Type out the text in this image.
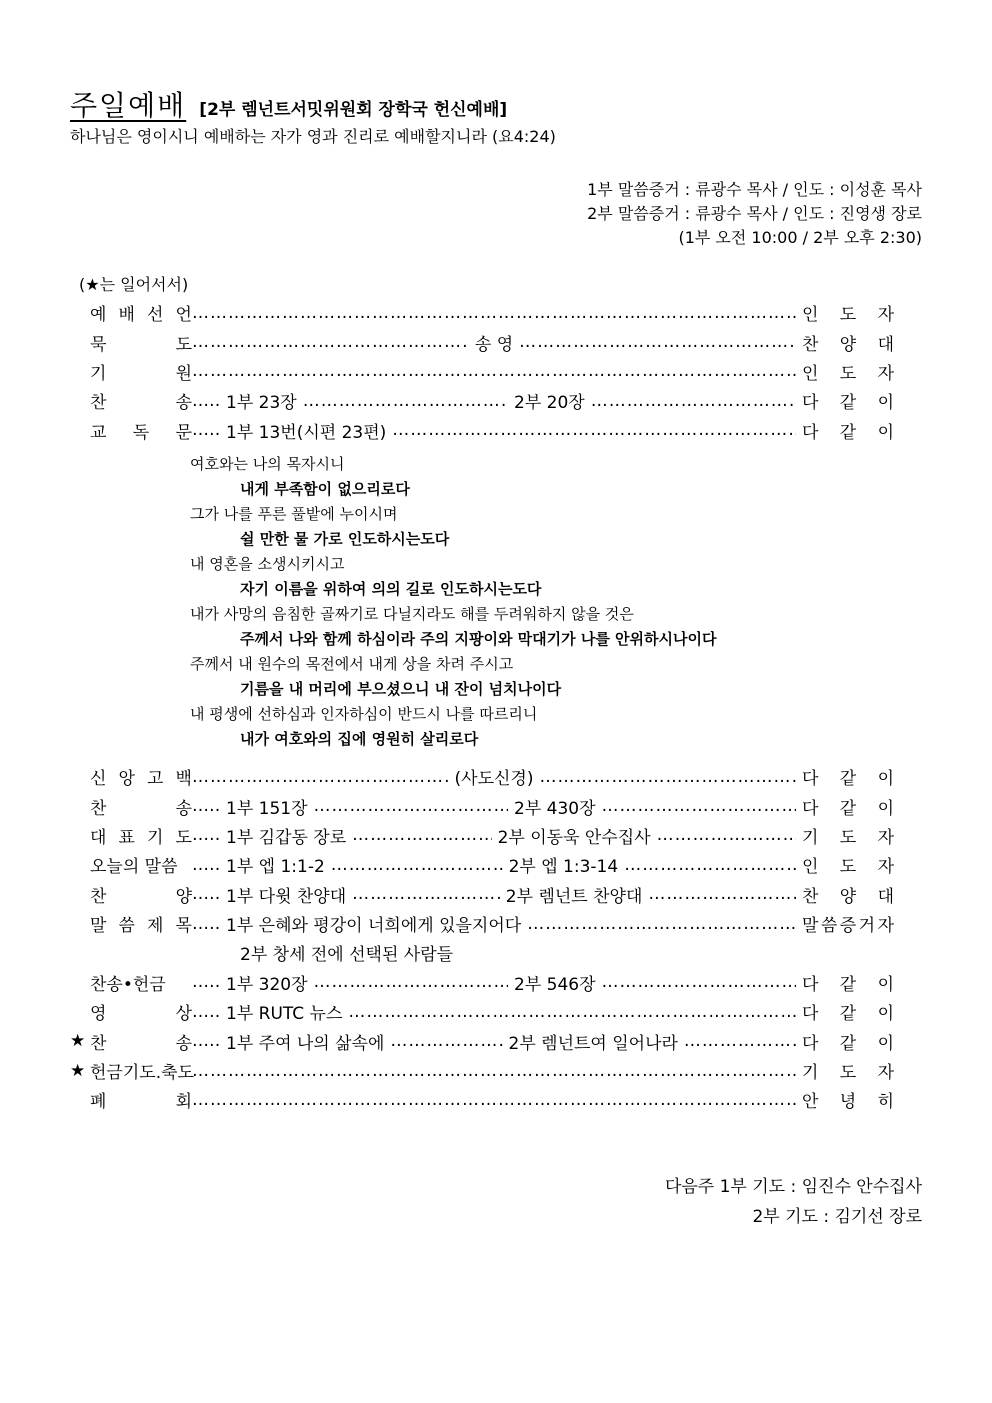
주일예배 [2부 렘넌트서밋위원회 장학국 헌신예배]
하나님은 영이시니 예배하는 자가 영과 진리로 예배할지니라 (요4:24)
1부 말씀증거 : 류광수 목사 / 인도 : 이성훈 목사
2부 말씀증거 : 류광수 목사 / 인도 : 진영생 장로
(1부 오전 10:00 / 2부 오후 2:30)
(★는 일어서서)
예 배 선 언 ……………………………………………………………………………………………………………………………………………………………………………………………………………	인 도 자
묵	도 ……………………………………………………………………………………………………………………………………………………………………………………………………………	송 영 ……………………………………………………………………………………………………………………………………………………………………………………………………………	찬 양 대
기	원 ……………………………………………………………………………………………………………………………………………………………………………………………………………	인 도 자
찬	송 …………	1부 23장 ……………………………………………………………………………………………………………………………………………………………………………………………………………	2부 20장 ……………………………………………………………………………………………………………………………………………………………………………………………………………	다 같 이
교 독 문 …………	1부 13번(시편 23편) ……………………………………………………………………………………………………………………………………………………………………………………………………………	다 같 이
신 앙 고 백 ……………………………………………………………………………………………………………………………………………………………………………………………………………	(사도신경) ……………………………………………………………………………………………………………………………………………………………………………………………………………	다 같 이
찬	송 …………	1부 151장 ……………………………………………………………………………………………………………………………………………………………………………………………………………	2부 430장 ……………………………………………………………………………………………………………………………………………………………………………………………………………	다 같 이
대 표 기 도 …………	1부 김갑동 장로 ……………………………………………………………………………………………………………………………………………………………………………………………………………	2부 이동욱 안수집사 ……………………………………………………………………………………………………………………………………………………………………………………………………………	기 도 자
오늘의 말씀 …………	1부 엡 1:1-2 ……………………………………………………………………………………………………………………………………………………………………………………………………………	2부 엡 1:3-14 ……………………………………………………………………………………………………………………………………………………………………………………………………………	인 도 자
찬	양 …………	1부 다윗 찬양대 ……………………………………………………………………………………………………………………………………………………………………………………………………………	2부 렘넌트 찬양대 ……………………………………………………………………………………………………………………………………………………………………………………………………………	찬 양 대
말 씀 제 목 …………	1부 은혜와 평강이 너희에게 있을지어다 ……………………………………………………………………………………………………………………………………………………………………………………………………………	말 씀 증 거 자
2부 창세 전에 선택된 사람들
찬송•헌금 …………	1부 320장 ……………………………………………………………………………………………………………………………………………………………………………………………………………	2부 546장 ……………………………………………………………………………………………………………………………………………………………………………………………………………	다 같 이
영	상 …………	1부 RUTC 뉴스 ……………………………………………………………………………………………………………………………………………………………………………………………………………	다 같 이
★ 찬	송 …………	1부 주여 나의 삶속에 ……………………………………………………………………………………………………………………………………………………………………………………………………………	2부 렘넌트여 일어나라 ……………………………………………………………………………………………………………………………………………………………………………………………………………	다 같 이
★ 헌금기도.축도 ……………………………………………………………………………………………………………………………………………………………………………………………………………	기 도 자
폐	회 ……………………………………………………………………………………………………………………………………………………………………………………………………………	안 녕 히
여호와는 나의 목자시니
내게 부족함이 없으리로다
그가 나를 푸른 풀밭에 누이시며
쉴 만한 물 가로 인도하시는도다
내 영혼을 소생시키시고
자기 이름을 위하여 의의 길로 인도하시는도다
내가 사망의 음침한 골짜기로 다닐지라도 해를 두려워하지 않을 것은
주께서 나와 함께 하심이라 주의 지팡이와 막대기가 나를 안위하시나이다
주께서 내 원수의 목전에서 내게 상을 차려 주시고
기름을 내 머리에 부으셨으니 내 잔이 넘치나이다
내 평생에 선하심과 인자하심이 반드시 나를 따르리니
내가 여호와의 집에 영원히 살리로다
다음주 1부 기도 : 임진수 안수집사
2부 기도 : 김기선 장로
